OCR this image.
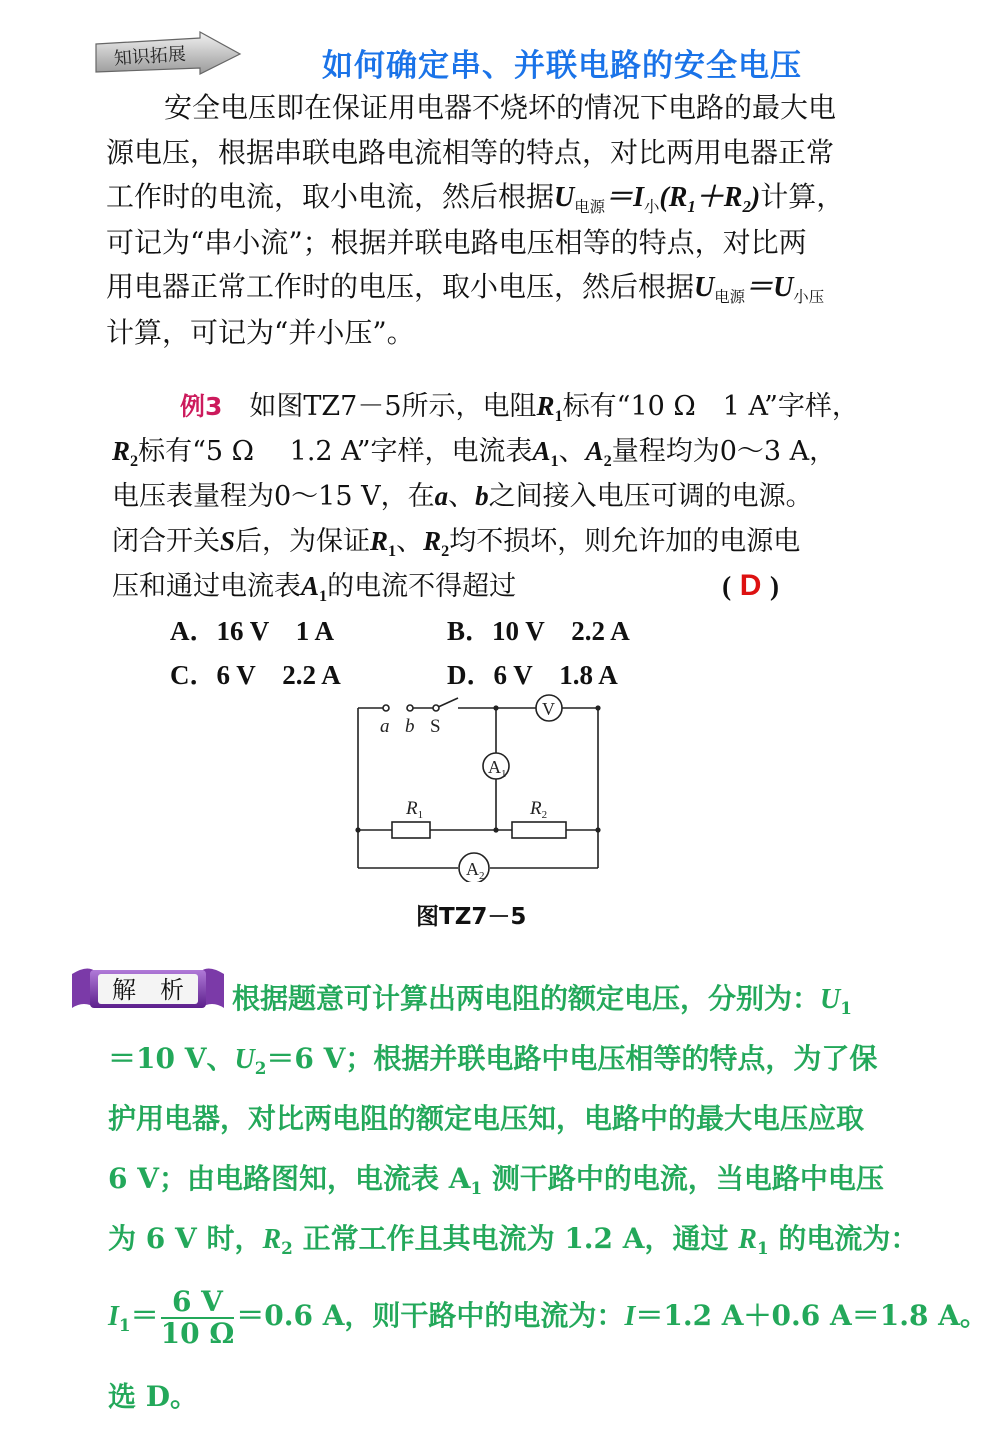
知识拓展	如何确定串、并联电路的安全电压
安全电压即在保证用电器不烧坏的情况下电路的最大电
源电压，根据串联电路电流相等的特点，对比两用电器正常
工作时的电流，取小电流，然后根据$U_{电源}=I_小(R_1+R_2)$计算，
可记为“串小流”；根据并联电路电压相等的特点，对比两
用电器正常工作时的电压，取小电压，然后根据$U_{电源}=U_{小压}$
计算，可记为“并小压”。
例3　 如图TZ7－5所示，电阻$R_1$标有“10 Ω　1 A”字样，
$R_2$标有“5 Ω　 1.2 A”字样，电流表$A_1$、$A_2$量程均为0～3 A，
电压表量程为0～15 V，在a、b之间接入电压可调的电源。
闭合开关S后，为保证$R_1$、$R_2$均不损坏，则允许加的电源电
压和通过电流表$A_1$的电流不得超过	( D )
A．16 V　1 A	B．10 V　2.2 A
C．6 V　2.2 A	D．6 V　1.8 A
a b S
V
$A_1$
$A_2$
$R_1$	$R_2$
图TZ7－5
解　析	根据题意可计算出两电阻的额定电压，分别为：$U_1$
＝10 V、$U_2=6$ V；根据并联电路中电压相等的特点，为了保
护用电器，对比两电阻的额定电压知，电路中的最大电压应取
6 V；由电路图知，电流表 $A_1$ 测干路中的电流，当电路中电压
为 6 V 时，$R_2$ 正常工作且其电流为 1.2 A，通过 $R_1$ 的电流为：
$I_1= \frac{6 V}{10 \Omega} =0.6$ A，则干路中的电流为：I＝1.2 A＋0.6 A＝1.8 A。
选 D。
